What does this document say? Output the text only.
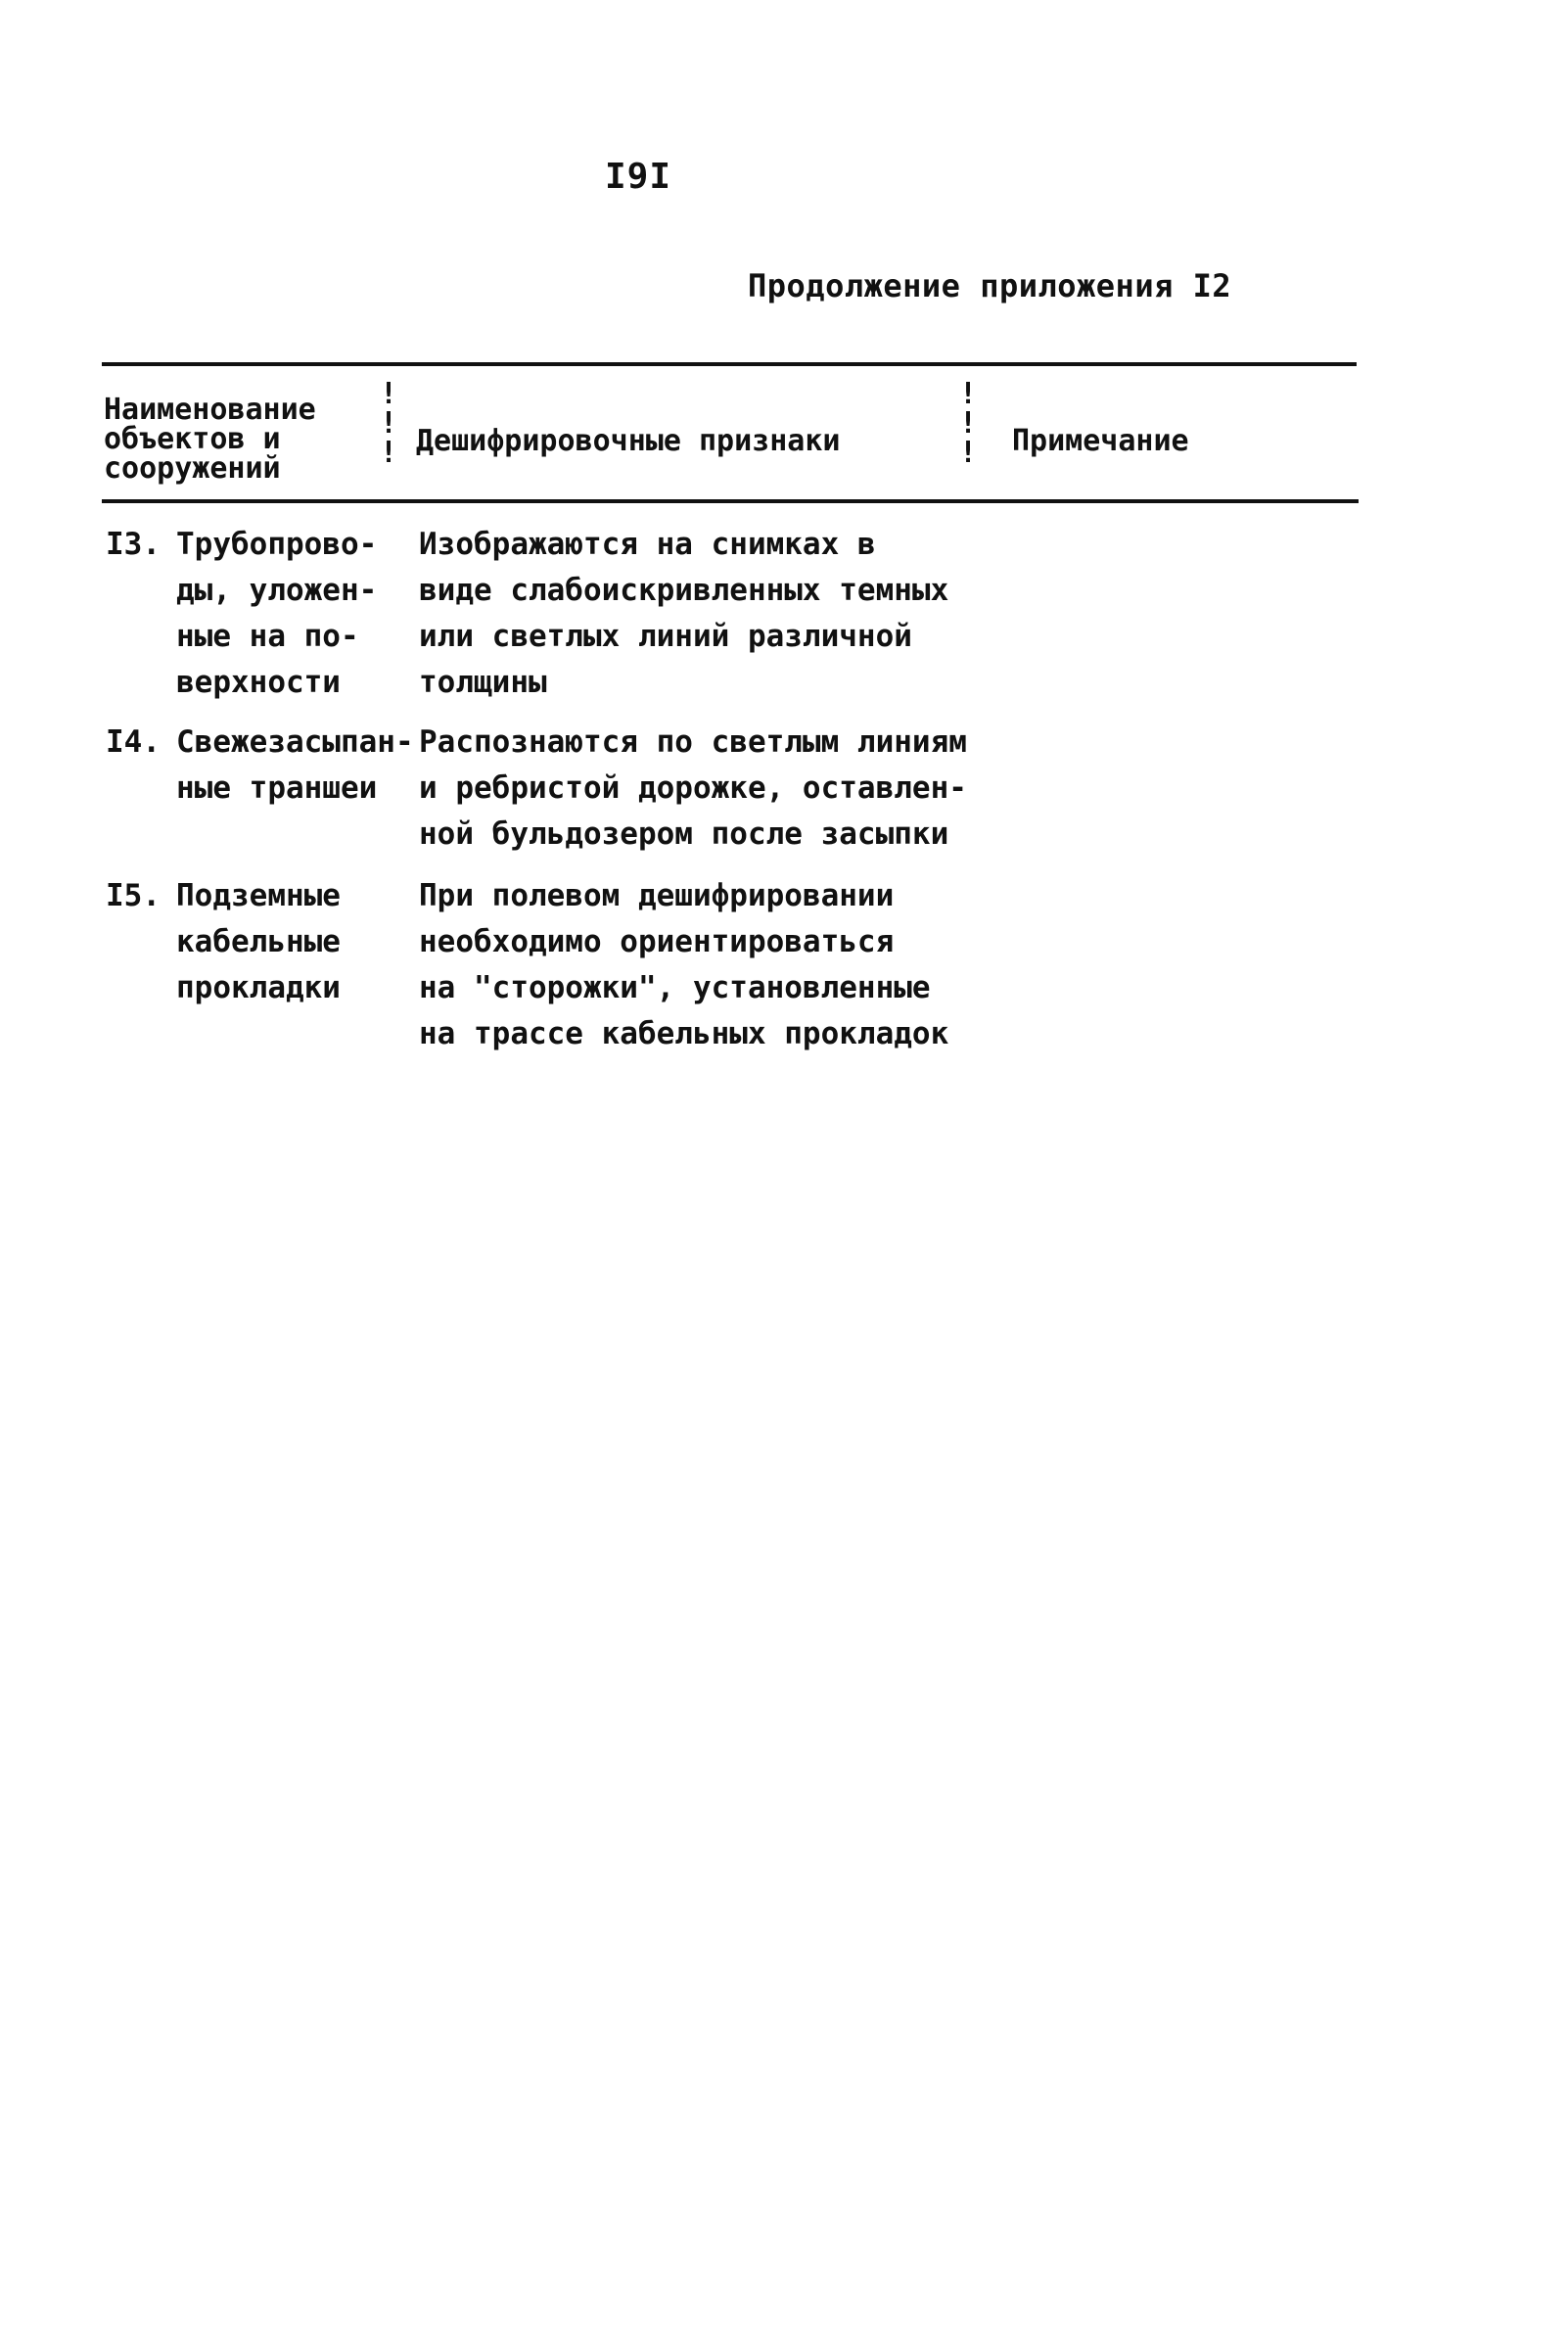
I9I
Продолжение приложения I2
Наименование
объектов и
сооружений
!
!
! Дешифрировочные признаки
!
!
! Примечание
I3. Трубопрово-
ды, уложен-
ные на по-
верхности
Изображаются на снимках в
виде слабоискривленных темных
или светлых линий различной
толщины
I4. Свежезасыпан-
ные траншеи
Распознаются по светлым линиям
и ребристой дорожке, оставлен-
ной бульдозером после засыпки
I5. Подземные
кабельные
прокладки
При полевом дешифрировании
необходимо ориентироваться
на "сторожки", установленные
на трассе кабельных прокладок
